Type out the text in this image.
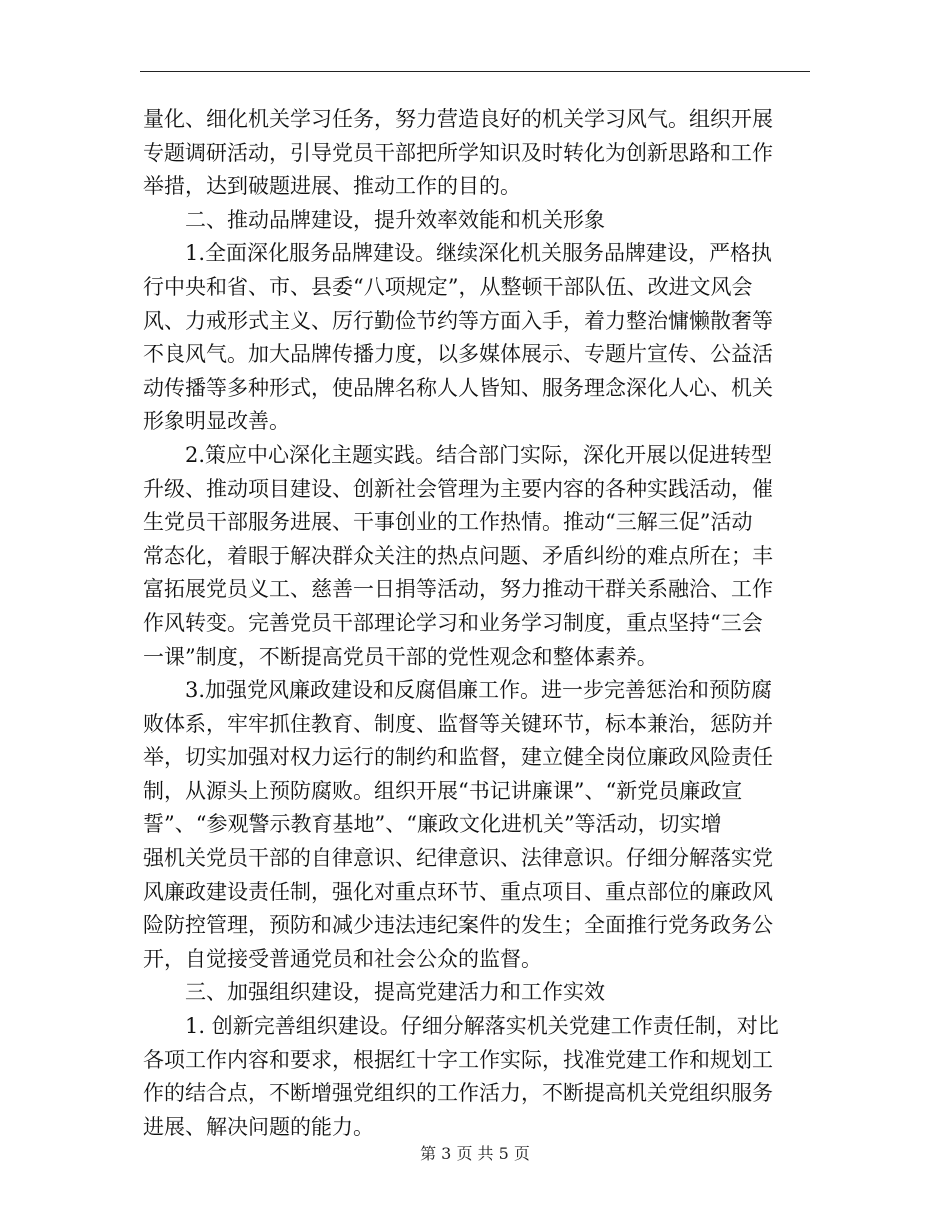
量化、细化机关学习任务，努力营造良好的机关学习风气。组织开展
专题调研活动，引导党员干部把所学知识及时转化为创新思路和工作
举措，达到破题进展、推动工作的目的。
二、推动品牌建设，提升效率效能和机关形象
1.全面深化服务品牌建设。继续深化机关服务品牌建设，严格执
行中央和省、市、县委“八项规定”，从整顿干部队伍、改进文风会
风、力戒形式主义、厉行勤俭节约等方面入手，着力整治慵懒散奢等
不良风气。加大品牌传播力度，以多媒体展示、专题片宣传、公益活
动传播等多种形式，使品牌名称人人皆知、服务理念深化人心、机关
形象明显改善。
2.策应中心深化主题实践。结合部门实际，深化开展以促进转型
升级、推动项目建设、创新社会管理为主要内容的各种实践活动，催
生党员干部服务进展、干事创业的工作热情。推动“三解三促”活动
常态化，着眼于解决群众关注的热点问题、矛盾纠纷的难点所在；丰
富拓展党员义工、慈善一日捐等活动，努力推动干群关系融洽、工作
作风转变。完善党员干部理论学习和业务学习制度，重点坚持“三会
一课”制度，不断提高党员干部的党性观念和整体素养。
3.加强党风廉政建设和反腐倡廉工作。进一步完善惩治和预防腐
败体系，牢牢抓住教育、制度、监督等关键环节，标本兼治，惩防并
举，切实加强对权力运行的制约和监督，建立健全岗位廉政风险责任
制，从源头上预防腐败。组织开展“书记讲廉课”、“新党员廉政宣
誓”、“参观警示教育基地”、“廉政文化进机关”等活动，切实增
强机关党员干部的自律意识、纪律意识、法律意识。仔细分解落实党
风廉政建设责任制，强化对重点环节、重点项目、重点部位的廉政风
险防控管理，预防和减少违法违纪案件的发生；全面推行党务政务公
开，自觉接受普通党员和社会公众的监督。
三、加强组织建设，提高党建活力和工作实效
1. 创新完善组织建设。仔细分解落实机关党建工作责任制，对比
各项工作内容和要求，根据红十字工作实际，找准党建工作和规划工
作的结合点，不断增强党组织的工作活力，不断提高机关党组织服务
进展、解决问题的能力。
第 3 页 共 5 页
